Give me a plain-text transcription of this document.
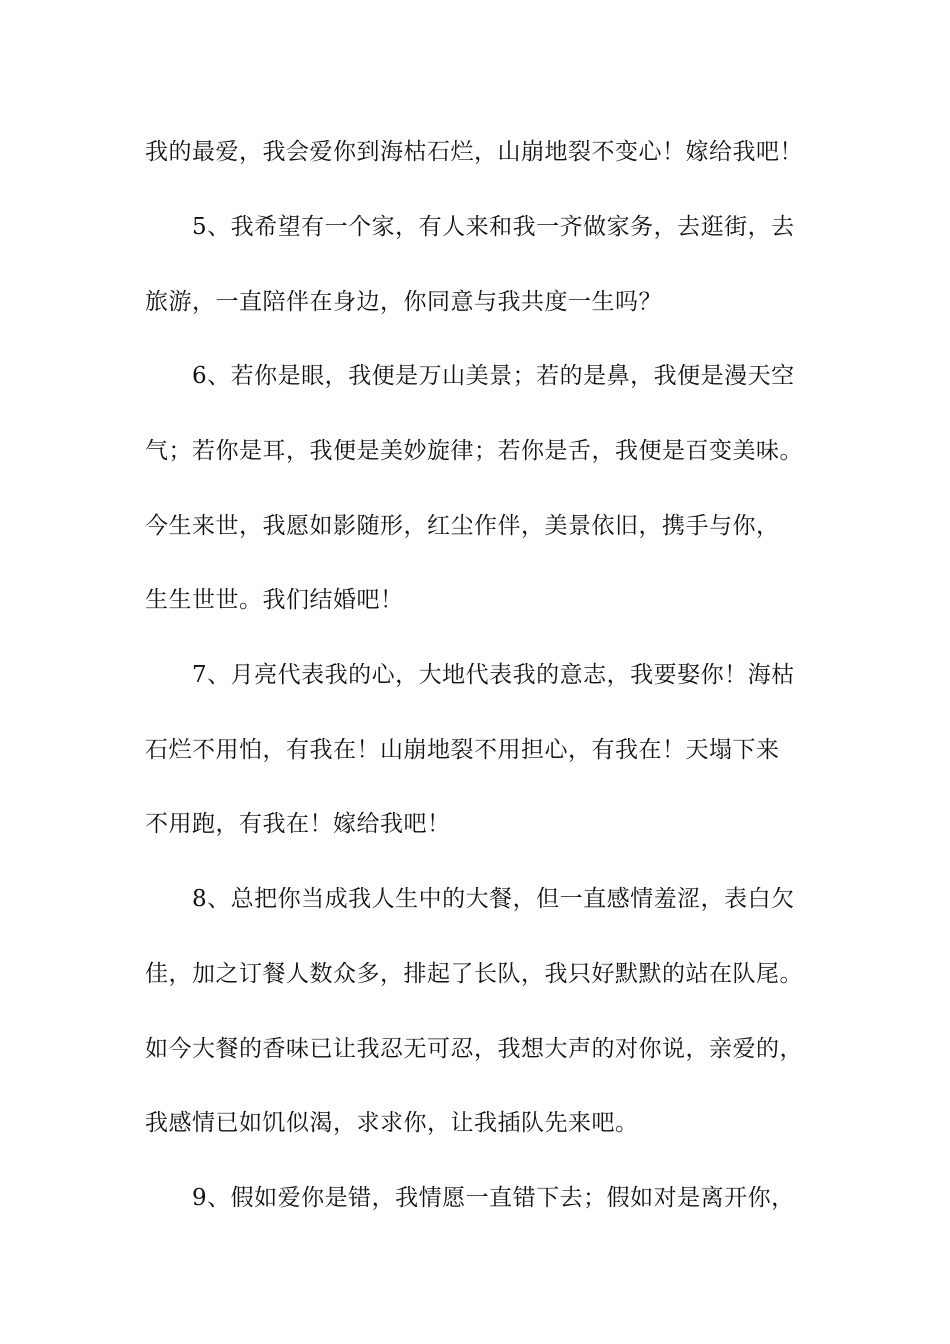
我的最爱，我会爱你到海枯石烂，山崩地裂不变心！嫁给我吧！
5、我希望有一个家，有人来和我一齐做家务，去逛街，去
旅游，一直陪伴在身边，你同意与我共度一生吗？
6、若你是眼，我便是万山美景；若的是鼻，我便是漫天空
气；若你是耳，我便是美妙旋律；若你是舌，我便是百变美味。
今生来世，我愿如影随形，红尘作伴，美景依旧，携手与你，
生生世世。我们结婚吧！
7、月亮代表我的心，大地代表我的意志，我要娶你！海枯
石烂不用怕，有我在！山崩地裂不用担心，有我在！天塌下来
不用跑，有我在！嫁给我吧！
8、总把你当成我人生中的大餐，但一直感情羞涩，表白欠
佳，加之订餐人数众多，排起了长队，我只好默默的站在队尾。
如今大餐的香味已让我忍无可忍，我想大声的对你说，亲爱的，
我感情已如饥似渴，求求你，让我插队先来吧。
9、假如爱你是错，我情愿一直错下去；假如对是离开你，
